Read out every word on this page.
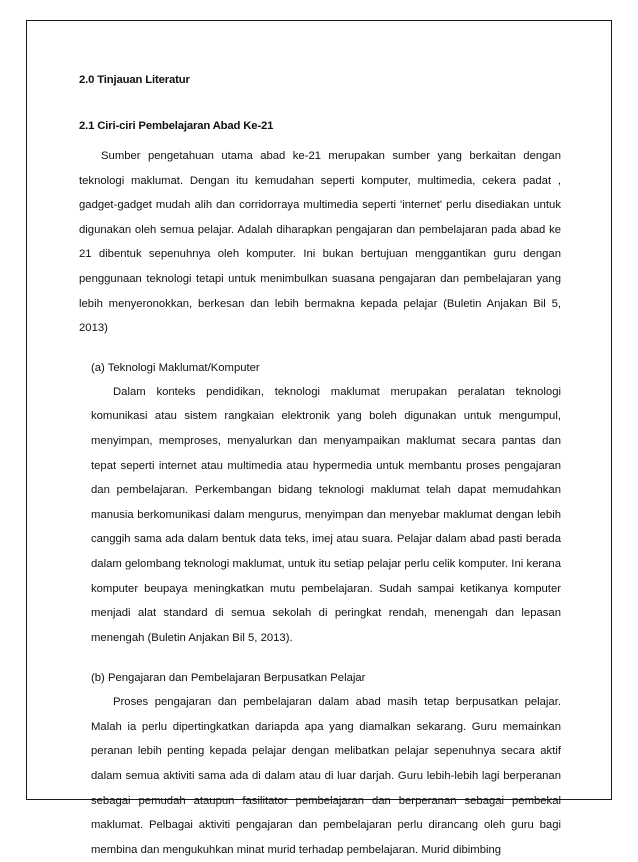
2.0 Tinjauan Literatur
2.1 Ciri-ciri Pembelajaran Abad Ke-21

Sumber pengetahuan utama abad ke-21 merupakan sumber yang berkaitan dengan teknologi maklumat. Dengan itu kemudahan seperti komputer, multimedia, cekera padat , gadget-gadget mudah alih dan corridorraya multimedia seperti 'internet' perlu disediakan untuk digunakan oleh semua pelajar. Adalah diharapkan pengajaran dan pembelajaran pada abad ke 21 dibentuk sepenuhnya oleh komputer. Ini bukan bertujuan menggantikan guru dengan penggunaan teknologi tetapi untuk menimbulkan suasana pengajaran dan pembelajaran yang lebih menyeronokkan, berkesan dan lebih bermakna kepada pelajar (Buletin Anjakan Bil 5, 2013)

(a) Teknologi Maklumat/Komputer

Dalam konteks pendidikan, teknologi maklumat merupakan peralatan teknologi komunikasi atau sistem rangkaian elektronik yang boleh digunakan untuk mengumpul, menyimpan, memproses, menyalurkan dan menyampaikan maklumat secara pantas dan tepat seperti internet atau multimedia atau hypermedia untuk membantu proses pengajaran dan pembelajaran. Perkembangan bidang teknologi maklumat telah dapat memudahkan manusia berkomunikasi dalam mengurus, menyimpan dan menyebar maklumat dengan lebih canggih sama ada dalam bentuk data teks, imej atau suara. Pelajar dalam abad pasti berada dalam gelombang teknologi maklumat, untuk itu setiap pelajar perlu celik komputer. Ini kerana komputer beupaya meningkatkan mutu pembelajaran. Sudah sampai ketikanya komputer menjadi alat standard di semua sekolah di peringkat rendah, menengah dan lepasan menengah (Buletin Anjakan Bil 5, 2013).

(b) Pengajaran dan Pembelajaran Berpusatkan Pelajar

Proses pengajaran dan pembelajaran dalam abad masih tetap berpusatkan pelajar. Malah ia perlu dipertingkatkan dariapda apa yang diamalkan sekarang. Guru memainkan peranan lebih penting kepada pelajar dengan melibatkan pelajar sepenuhnya secara aktif dalam semua aktiviti sama ada di dalam atau di luar darjah. Guru lebih-lebih lagi berperanan sebagai pemudah ataupun fasilitator pembelajaran dan berperanan sebagai pembekal maklumat. Pelbagai aktiviti pengajaran dan pembelajaran perlu dirancang oleh guru bagi membina dan mengukuhkan minat murid terhadap pembelajaran. Murid dibimbing
